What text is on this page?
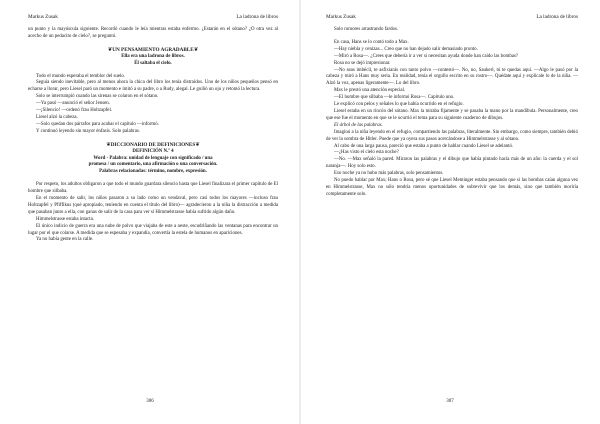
Markus Zusak	La ladrona de libros

un punto y la mayúscula siguiente. Recordó cuando le leía mientras estaba enfermo. ¿Estarán en el sótano? ¿O otra vez al acecho de un pedacito de cielo?, se preguntó.

❦UN PENSAMIENTO AGRADABLE❦
Ella era una ladrona de libros.
Él saltaba el cielo.

Todo el mundo esperaba el temblor del suelo.

Seguía siendo inevitable, pero al menos ahora la chica del libro los tenía distraídos. Uno de los niños pequeños pensó en echarse a llorar, pero Liesel paró un momento e imitó a su padre, o a Rudy, alegal. Le guiñó un ojo y retomó la lectura.

Solo se interrumpió cuando las sirenas se colaron en el sótano.

—Ya pasó —anunció el señor Jensen.

—¡Silencio! —ordenó frau Holtzapfel.

Liesel alzó la cabeza.

—Solo quedan dos párrafos para acabar el capítulo —informó.

Y continuó leyendo sin mayor énfasis. Solo palabras.

❦DICCIONARIO DE DEFINICIONES❦
DEFINICIÓN N.º 4
Word - Palabra: unidad de lenguaje con significado / una
promesa / un comentario, una afirmación o una conversación.
Palabras relacionadas: término, nombre, expresión.

Por respeto, los adultos obligaron a que todo el mundo guardara silencio hasta que Liesel finalizara el primer capítulo de El hombre que silbaba.

En el momento de salir, los niños pasaron a su lado como un vendaval, pero casi todos los mayores —incluso frau Holtzapfel y Pfiffikus (qué apropiado, teniendo en cuenta el título del libro)— agradecieron a la niña la distracción a medida que pasaban junto a ella, con ganas de salir de la casa para ver si Himmelstrasse había sufrido algún daño.

Himmelstrasse estaba intacta.

El único indicio de guerra era una nube de polvo que viajaba de este a oeste, escudriñando las ventanas para encontrar un lugar por el que colarse. A medida que se espesaba y expandía, convertía la estela de humanos en apariciones.

Ya no había gente en la calle.

306
Markus Zusak	La ladrona de libros

Solo rumores arrastrando fardos.

En casa, Hans se lo contó todo a Max.

—Hay niebla y cenizas... Creo que no han dejado salir demasiado pronto.

—Miró a Rosa—. ¿Crees que debería ir a ver si necesitan ayuda donde han caído las bombas?

Rosa no se dejó impresionar.

—No seas imbécil, te asfixiarás con tanto polvo —contestó—. No, no, Saukerl, tú te quedas aquí. —Algo le pasó por la cabeza y miró a Hans muy seria. En realidad, tenía el orgullo escrito en su rostro—. Quédate aquí y explícale lo de la niña. —Alzó la voz, apenas ligeramente—. Lo del libro.

Max le prestó una atención especial.

—El hombre que silbaba —le informó Rosa—. Capítulo uno.

Le explicó con pelos y señales lo que había ocurrido en el refugio.

Liesel estaba en un rincón del sótano. Max la miraba fijamente y se pasaba la mano por la mandíbula. Personalmente, creo que ese fue el momento en que se le ocurrió el tema para su siguiente cuaderno de dibujos.

El árbol de las palabras.

Imaginó a la niña leyendo en el refugio, compartiendo las palabras, literalmente. Sin embargo, como siempre, también debió de ver la sombra de Hitler. Puede que ya oyera sus pasos acercándose a Himmelstrasse y al sótano.

Al cabo de una larga pausa, pareció que estaba a punto de hablar cuando Liesel se adelantó.

—¿Has visto el cielo esta noche?

—No. —Max señaló la pared. Miraron las palabras y el dibujo que había pintado hacía más de un año: la cuerda y el sol naranja—. Hoy solo esto.

Eso noche ya no hubo más palabras, solo pensamientos.

No puedo hablar por Max; Hans o Rosa, pero sé que Liesel Meminger estaba pensando que si las bombas caían alguna vez en Himmelstrasse, Max no sólo tendría menos oportunidades de sobrevivir que los demás, sino que también moriría completamente solo.

307
